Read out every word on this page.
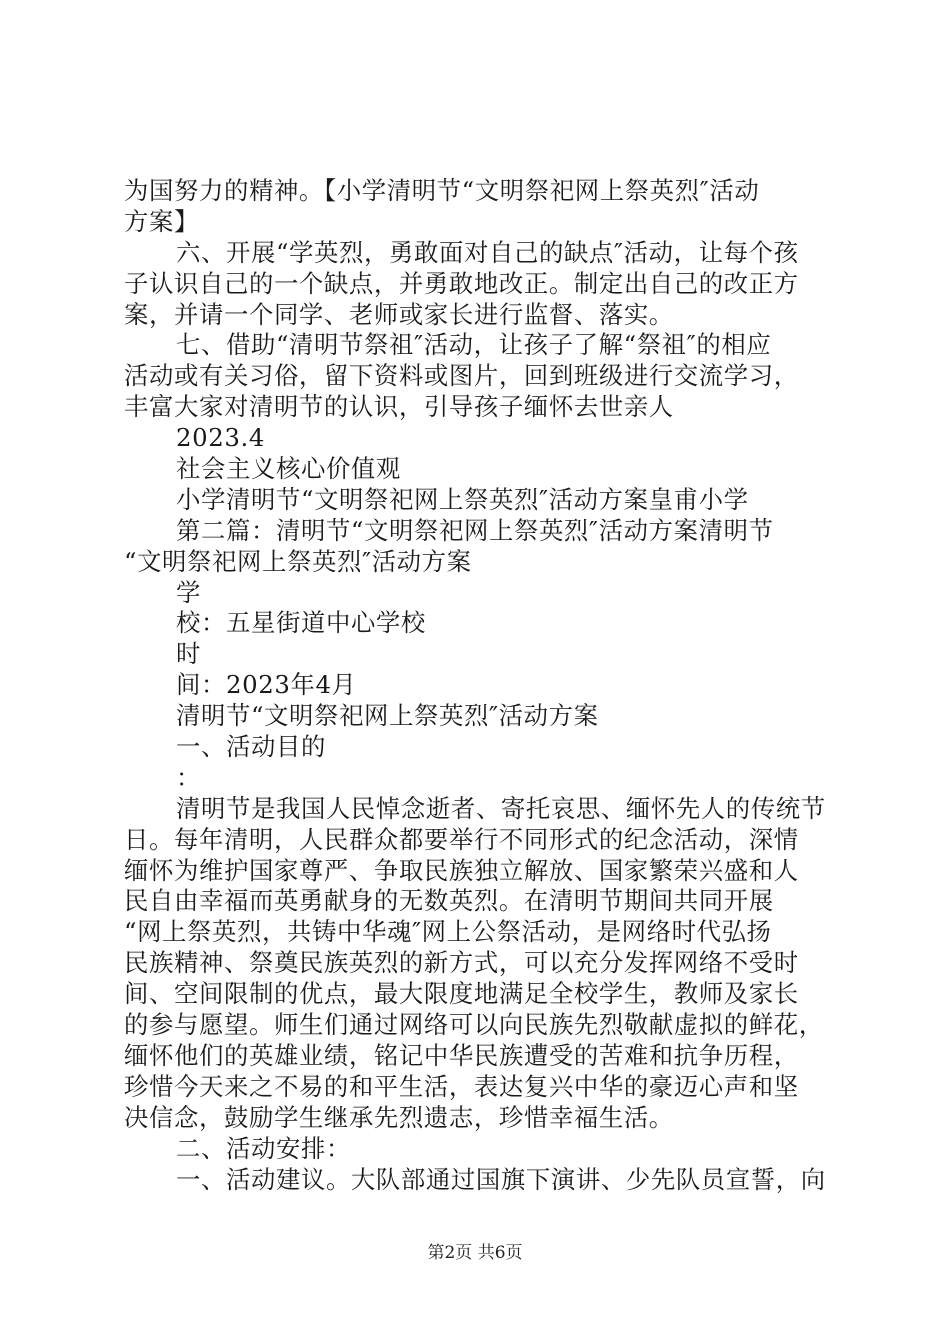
为国努力的精神。【小学清明节“文明祭祀网上祭英烈″活动
方案】
六、开展“学英烈，勇敢面对自己的缺点″活动，让每个孩
子认识自己的一个缺点，并勇敢地改正。制定出自己的改正方
案，并请一个同学、老师或家长进行监督、落实。
七、借助“清明节祭祖″活动，让孩子了解“祭祖″的相应
活动或有关习俗，留下资料或图片，回到班级进行交流学习，
丰富大家对清明节的认识，引导孩子缅怀去世亲人
2023.4
社会主义核心价值观
小学清明节“文明祭祀网上祭英烈″活动方案皇甫小学
第二篇：清明节“文明祭祀网上祭英烈″活动方案清明节
“文明祭祀网上祭英烈″活动方案
学
校：五星街道中心学校
时
间：2023年4月
清明节“文明祭祀网上祭英烈″活动方案
一、活动目的
：
清明节是我国人民悼念逝者、寄托哀思、缅怀先人的传统节
日。每年清明，人民群众都要举行不同形式的纪念活动，深情
缅怀为维护国家尊严、争取民族独立解放、国家繁荣兴盛和人
民自由幸福而英勇献身的无数英烈。在清明节期间共同开展
“网上祭英烈，共铸中华魂″网上公祭活动，是网络时代弘扬
民族精神、祭奠民族英烈的新方式，可以充分发挥网络不受时
间、空间限制的优点，最大限度地满足全校学生，教师及家长
的参与愿望。师生们通过网络可以向民族先烈敬献虚拟的鲜花，
缅怀他们的英雄业绩，铭记中华民族遭受的苦难和抗争历程，
珍惜今天来之不易的和平生活，表达复兴中华的豪迈心声和坚
决信念，鼓励学生继承先烈遗志，珍惜幸福生活。
二、活动安排：
一、活动建议。大队部通过国旗下演讲、少先队员宣誓，向
第2页 共6页
